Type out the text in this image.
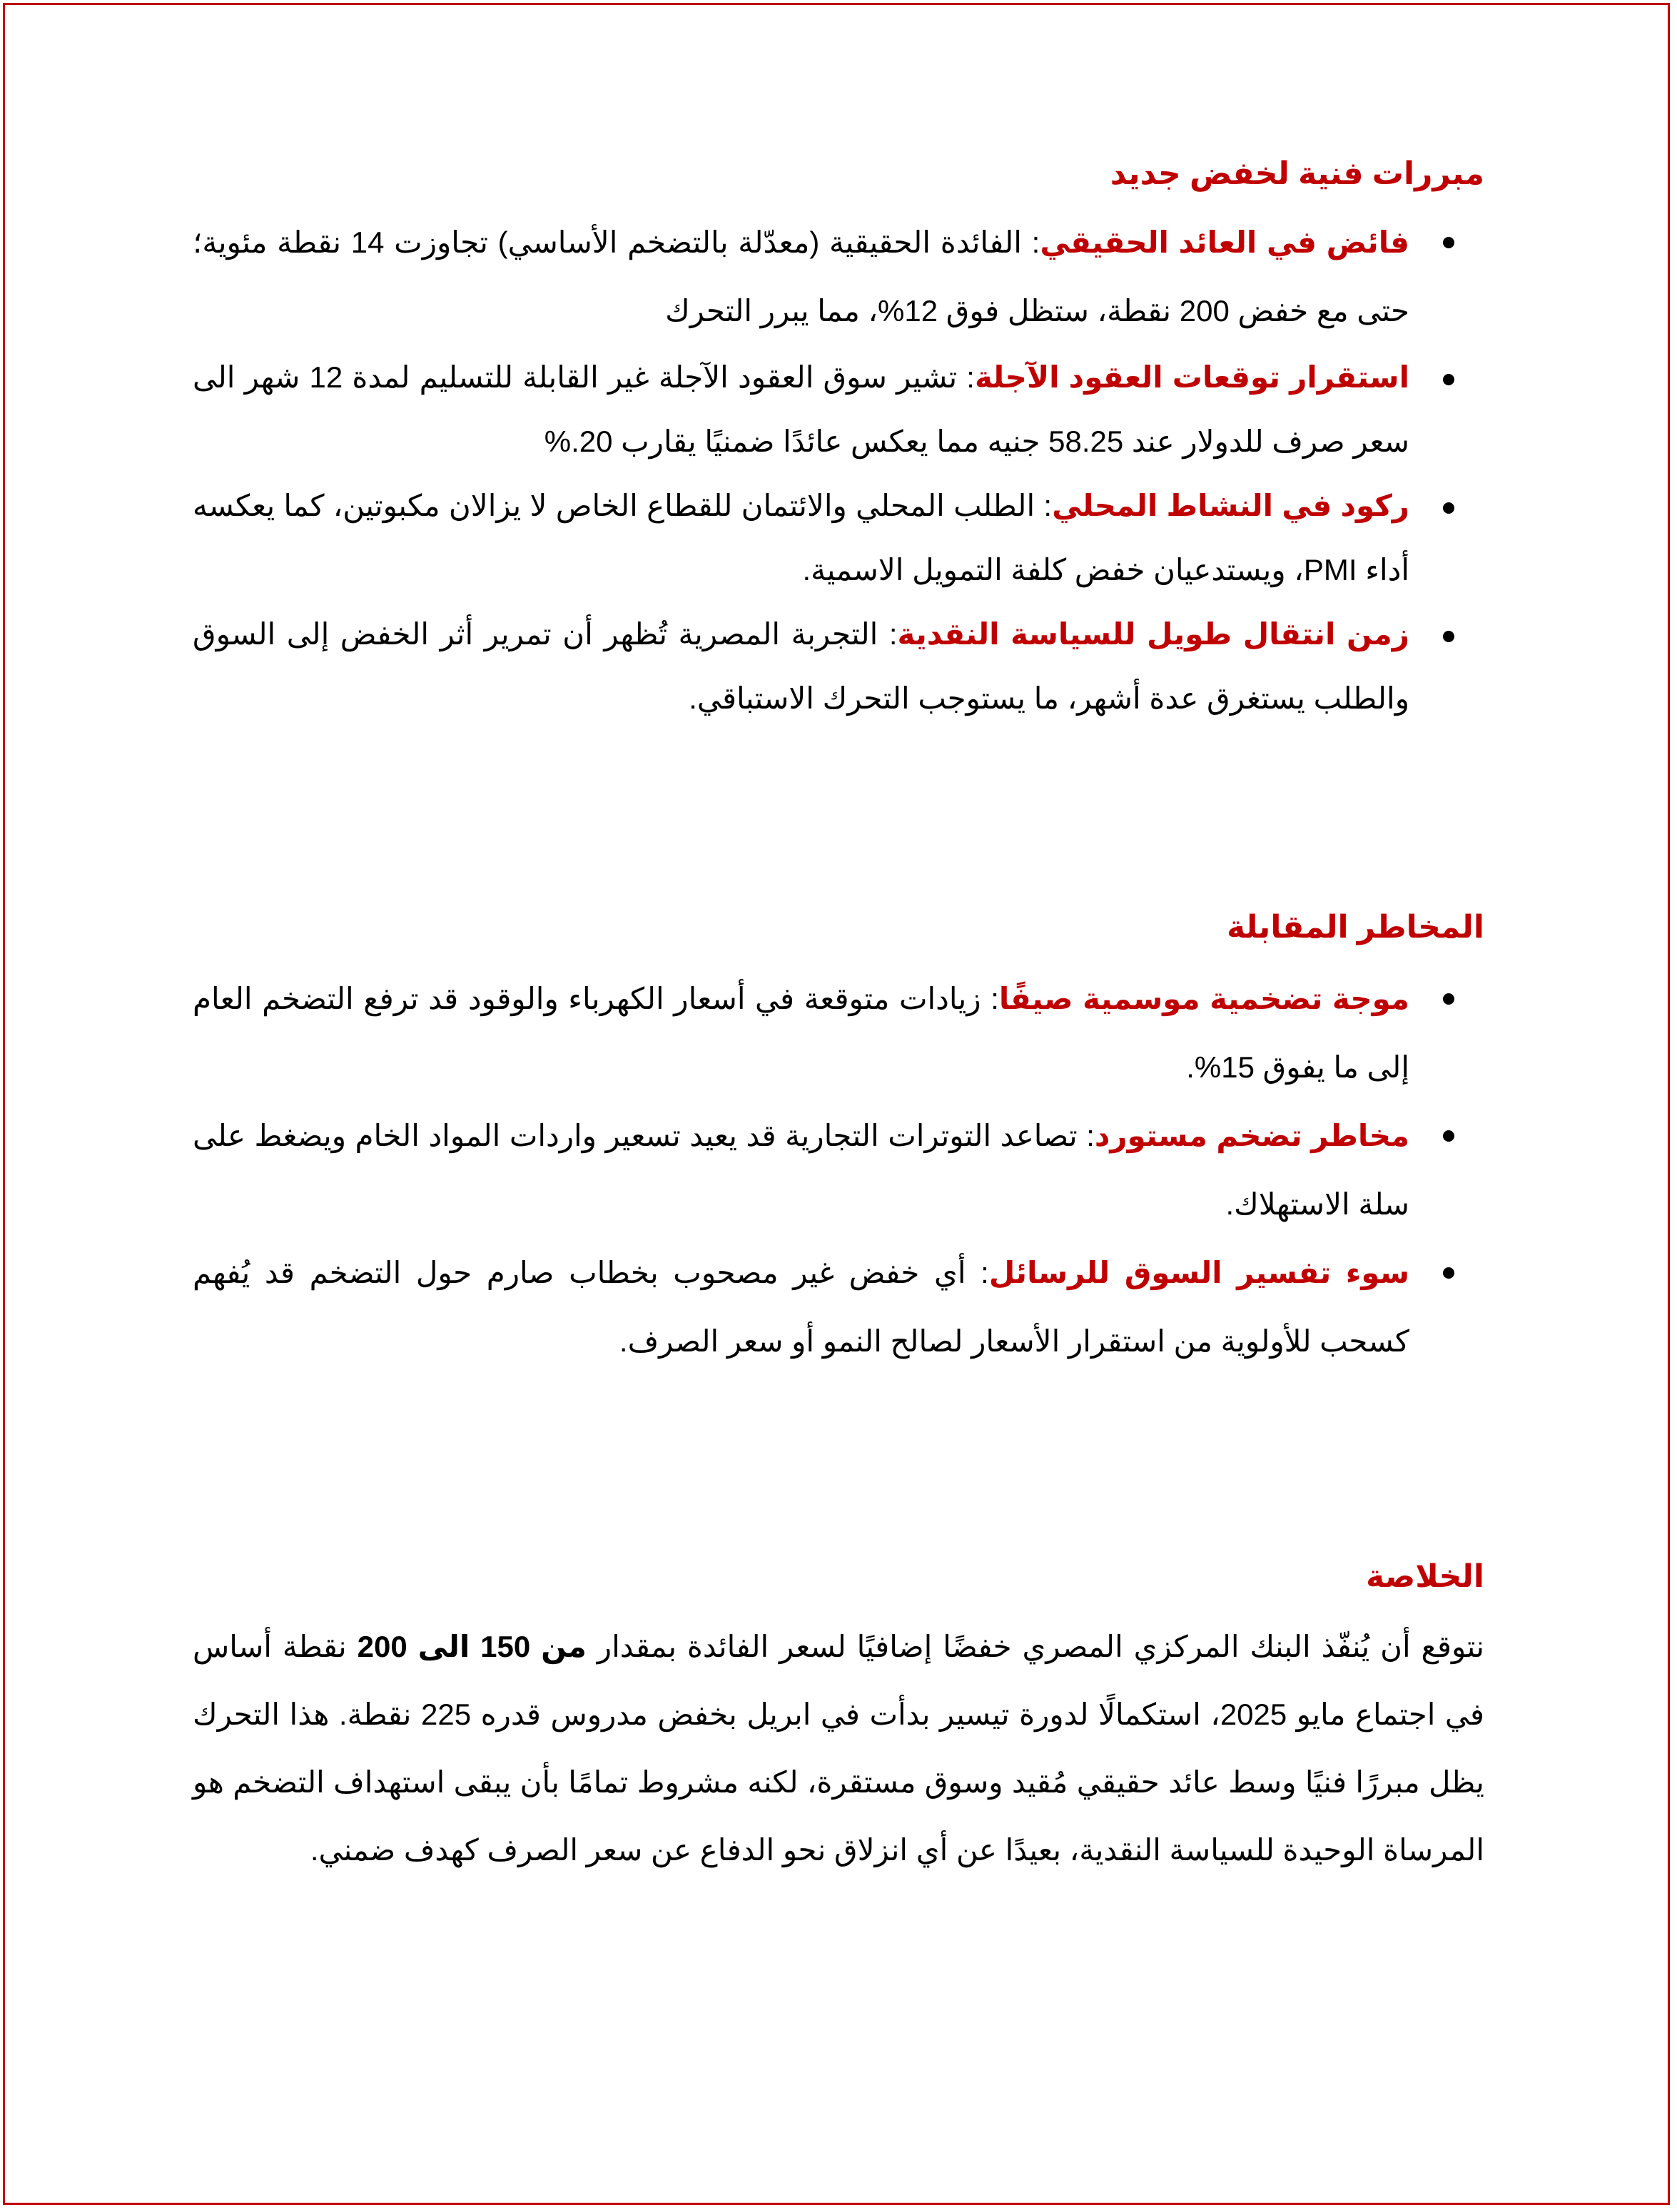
مبررات فنية لخفض جديد
فائض في العائد الحقيقي: الفائدة الحقيقية (معدّلة بالتضخم الأساسي) تجاوزت 14 نقطة مئوية؛ حتى مع خفض 200 نقطة، ستظل فوق 12%، مما يبرر التحرك
استقرار توقعات العقود الآجلة: تشير سوق العقود الآجلة غير القابلة للتسليم لمدة 12 شهر الى سعر صرف للدولار عند 58.25 جنيه مما يعكس عائدًا ضمنيًا يقارب 20.%
ركود في النشاط المحلي: الطلب المحلي والائتمان للقطاع الخاص لا يزالان مكبوتين، كما يعكسه أداء PMI، ويستدعيان خفض كلفة التمويل الاسمية.
زمن انتقال طويل للسياسة النقدية: التجربة المصرية تُظهر أن تمرير أثر الخفض إلى السوق والطلب يستغرق عدة أشهر، ما يستوجب التحرك الاستباقي.
المخاطر المقابلة
موجة تضخمية موسمية صيفًا: زيادات متوقعة في أسعار الكهرباء والوقود قد ترفع التضخم العام إلى ما يفوق 15%.
مخاطر تضخم مستورد: تصاعد التوترات التجارية قد يعيد تسعير واردات المواد الخام ويضغط على سلة الاستهلاك.
سوء تفسير السوق للرسائل: أي خفض غير مصحوب بخطاب صارم حول التضخم قد يُفهم كسحب للأولوية من استقرار الأسعار لصالح النمو أو سعر الصرف.
الخلاصة

نتوقع أن يُنفّذ البنك المركزي المصري خفضًا إضافيًا لسعر الفائدة بمقدار من 150 الى 200 نقطة أساس في اجتماع مايو 2025، استكمالًا لدورة تيسير بدأت في ابريل بخفض مدروس قدره 225 نقطة. هذا التحرك يظل مبررًا فنيًا وسط عائد حقيقي مُقيد وسوق مستقرة، لكنه مشروط تمامًا بأن يبقى استهداف التضخم هو المرساة الوحيدة للسياسة النقدية، بعيدًا عن أي انزلاق نحو الدفاع عن سعر الصرف كهدف ضمني.
